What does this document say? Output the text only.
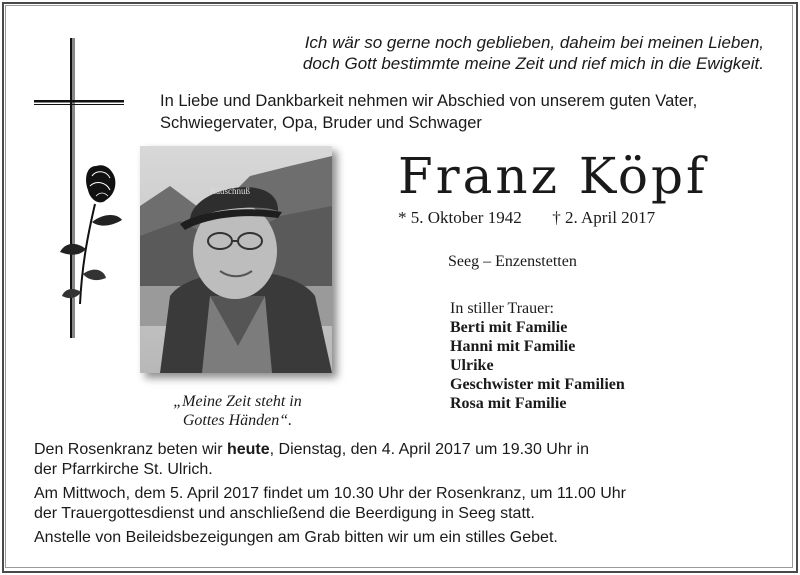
Ich wär so gerne noch geblieben, daheim bei meinen Lieben,
doch Gott bestimmte meine Zeit und rief mich in die Ewigkeit.
In Liebe und Dankbarkeit nehmen wir Abschied von unserem guten Vater,
Schwiegervater, Opa, Bruder und Schwager
Rauschnuß
„Meine Zeit steht in
Gottes Händen“.
Franz Köpf
* 5. Oktober 1942 † 2. April 2017
Seeg – Enzenstetten
In stiller Trauer:
Berti mit Familie
Hanni mit Familie
Ulrike
Geschwister mit Familien
Rosa mit Familie

Den Rosenkranz beten wir heute, Dienstag, den 4. April 2017 um 19.30 Uhr in
der Pfarrkirche St. Ulrich.

Am Mittwoch, dem 5. April 2017 findet um 10.30 Uhr der Rosenkranz, um 11.00 Uhr
der Trauergottesdienst und anschließend die Beerdigung in Seeg statt.

Anstelle von Beileidsbezeigungen am Grab bitten wir um ein stilles Gebet.
